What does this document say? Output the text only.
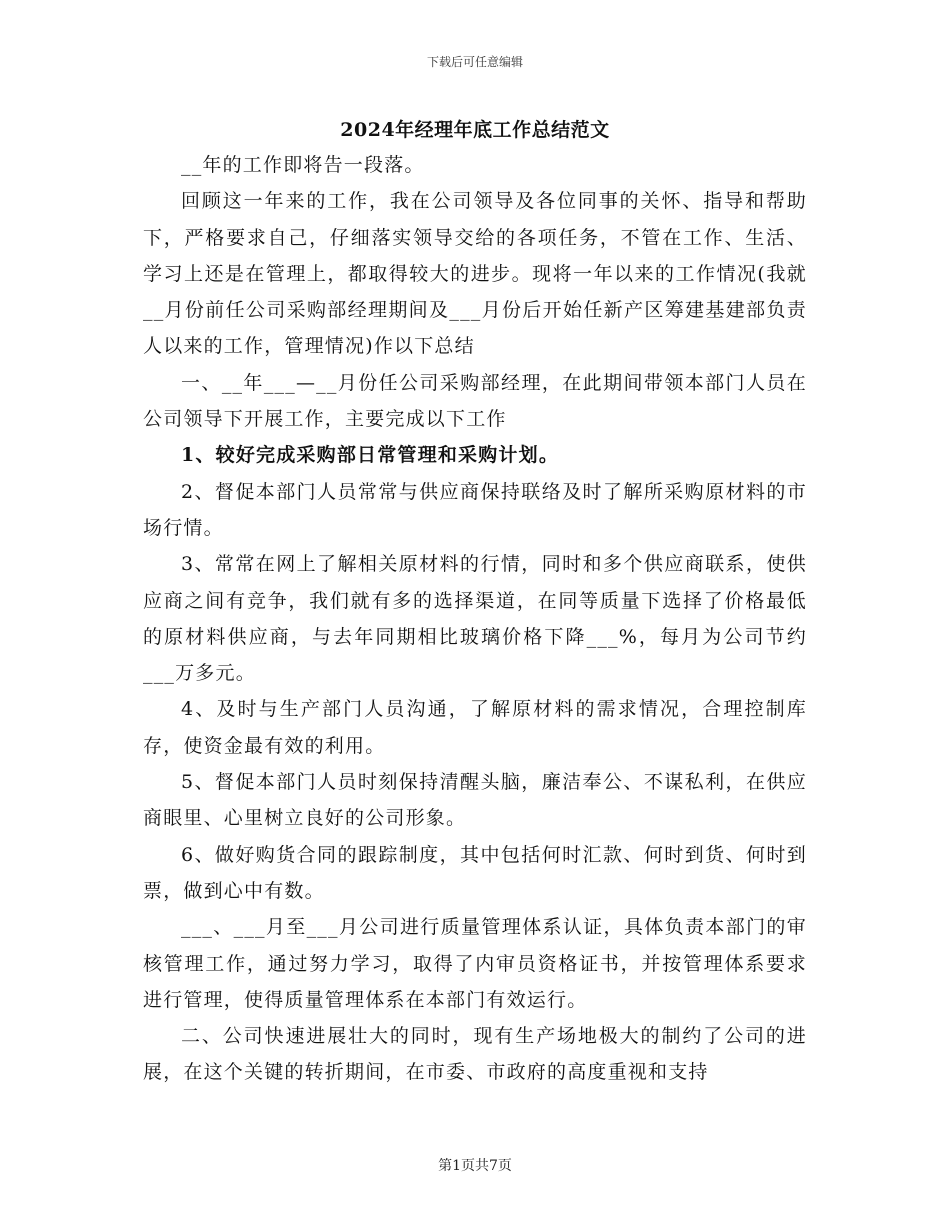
下载后可任意编辑
2024年经理年底工作总结范文

__年的工作即将告一段落。

回顾这一年来的工作，我在公司领导及各位同事的关怀、指导和帮助下，严格要求自己，仔细落实领导交给的各项任务，不管在工作、生活、学习上还是在管理上，都取得较大的进步。现将一年以来的工作情况(我就__月份前任公司采购部经理期间及___月份后开始任新产区筹建基建部负责人以来的工作，管理情况)作以下总结

一、__年___—__月份任公司采购部经理，在此期间带领本部门人员在公司领导下开展工作，主要完成以下工作

1、较好完成采购部日常管理和采购计划。

2、督促本部门人员常常与供应商保持联络及时了解所采购原材料的市场行情。

3、常常在网上了解相关原材料的行情，同时和多个供应商联系，使供应商之间有竞争，我们就有多的选择渠道，在同等质量下选择了价格最低的原材料供应商，与去年同期相比玻璃价格下降___%，每月为公司节约___万多元。

4、及时与生产部门人员沟通，了解原材料的需求情况，合理控制库存，使资金最有效的利用。

5、督促本部门人员时刻保持清醒头脑，廉洁奉公、不谋私利，在供应商眼里、心里树立良好的公司形象。

6、做好购货合同的跟踪制度，其中包括何时汇款、何时到货、何时到票，做到心中有数。

___、___月至___月公司进行质量管理体系认证，具体负责本部门的审核管理工作，通过努力学习，取得了内审员资格证书，并按管理体系要求进行管理，使得质量管理体系在本部门有效运行。

二、公司快速进展壮大的同时，现有生产场地极大的制约了公司的进展，在这个关键的转折期间，在市委、市政府的高度重视和支持

第1页共7页
